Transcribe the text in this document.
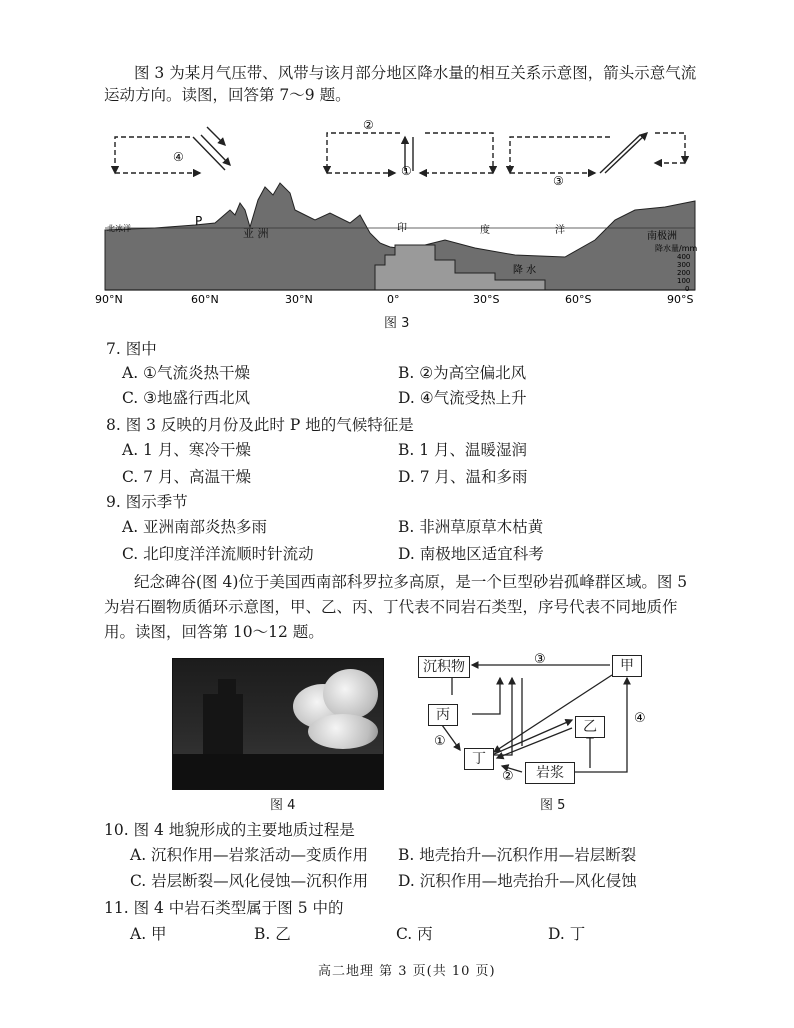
图 3 为某月气压带、风带与该月部分地区降水量的相互关系示意图，箭头示意气流运动方向。读图，回答第 7～9 题。
②
④
①
③
北冰洋
P
亚 洲	印	度	洋
南极洲
降 水
降水量/mm
400
300
200
100
0
90°N	60°N	30°N	0°	30°S	60°S	90°S
图 3
7. 图中
A. ①气流炎热干燥	B. ②为高空偏北风
C. ③地盛行西北风	D. ④气流受热上升
8. 图 3 反映的月份及此时 P 地的气候特征是
A. 1 月、寒冷干燥	B. 1 月、温暖湿润
C. 7 月、高温干燥	D. 7 月、温和多雨
9. 图示季节
A. 亚洲南部炎热多雨	B. 非洲草原草木枯黄
C. 北印度洋洋流顺时针流动	D. 南极地区适宜科考
纪念碑谷(图 4)位于美国西南部科罗拉多高原，是一个巨型砂岩孤峰群区域。图 5 为岩石圈物质循环示意图，甲、乙、丙、丁代表不同岩石类型，序号代表不同地质作用。读图，回答第 10～12 题。
图 4
③
④
①
②
沉积物	甲
丙
乙
丁
岩浆
图 5
10. 图 4 地貌形成的主要地质过程是
A. 沉积作用—岩浆活动—变质作用 B. 地壳抬升—沉积作用—岩层断裂
C. 岩层断裂—风化侵蚀—沉积作用 D. 沉积作用—地壳抬升—风化侵蚀
11. 图 4 中岩石类型属于图 5 中的
A. 甲	B. 乙	C. 丙	D. 丁
高二地理 第 3 页(共 10 页)
